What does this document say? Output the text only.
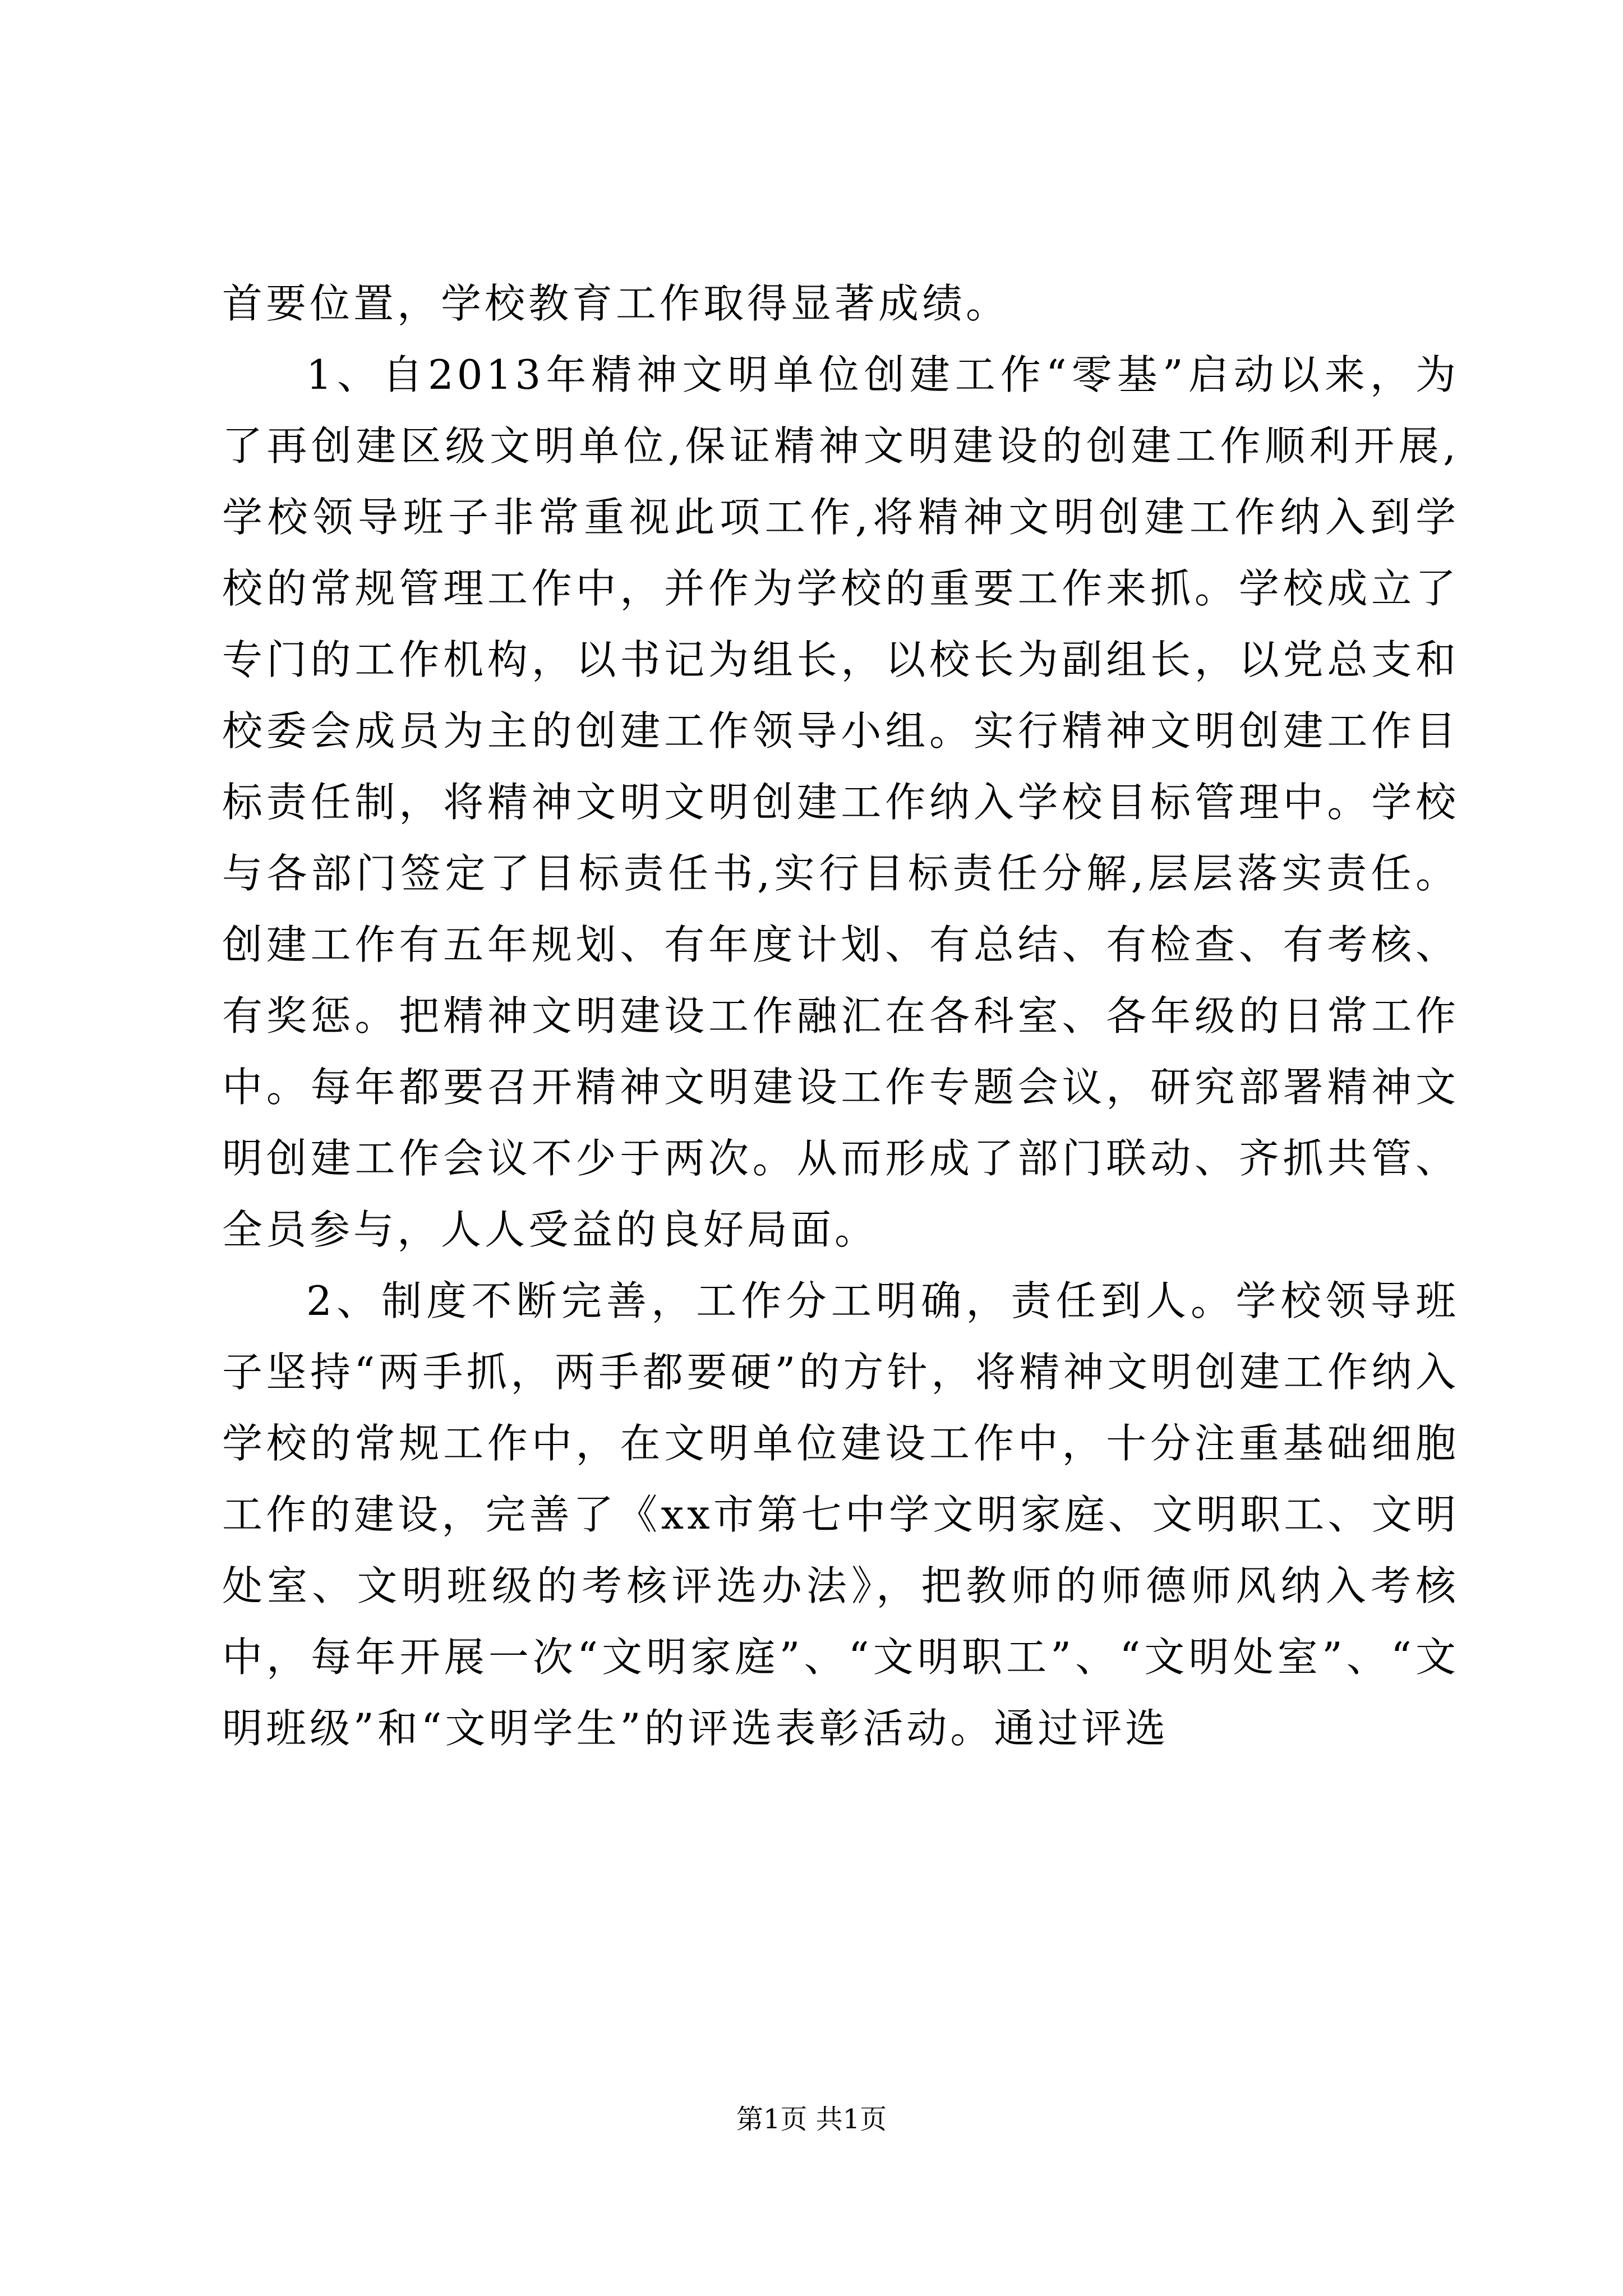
首要位置，学校教育工作取得显著成绩。

1、自2013年精神文明单位创建工作“零基”启动以来，为了再创建区级文明单位,保证精神文明建设的创建工作顺利开展,学校领导班子非常重视此项工作,将精神文明创建工作纳入到学校的常规管理工作中，并作为学校的重要工作来抓。学校成立了专门的工作机构，以书记为组长，以校长为副组长，以党总支和校委会成员为主的创建工作领导小组。实行精神文明创建工作目标责任制，将精神文明文明创建工作纳入学校目标管理中。学校与各部门签定了目标责任书,实行目标责任分解,层层落实责任。创建工作有五年规划、有年度计划、有总结、有检查、有考核、有奖惩。把精神文明建设工作融汇在各科室、各年级的日常工作中。每年都要召开精神文明建设工作专题会议，研究部署精神文明创建工作会议不少于两次。从而形成了部门联动、齐抓共管、全员参与，人人受益的良好局面。

2、制度不断完善，工作分工明确，责任到人。学校领导班子坚持“两手抓，两手都要硬”的方针，将精神文明创建工作纳入学校的常规工作中，在文明单位建设工作中，十分注重基础细胞工作的建设，完善了《xx市第七中学文明家庭、文明职工、文明处室、文明班级的考核评选办法》，把教师的师德师风纳入考核中，每年开展一次“文明家庭”、“文明职工”、“文明处室”、“文明班级”和“文明学生”的评选表彰活动。通过评选

第1页 共1页
